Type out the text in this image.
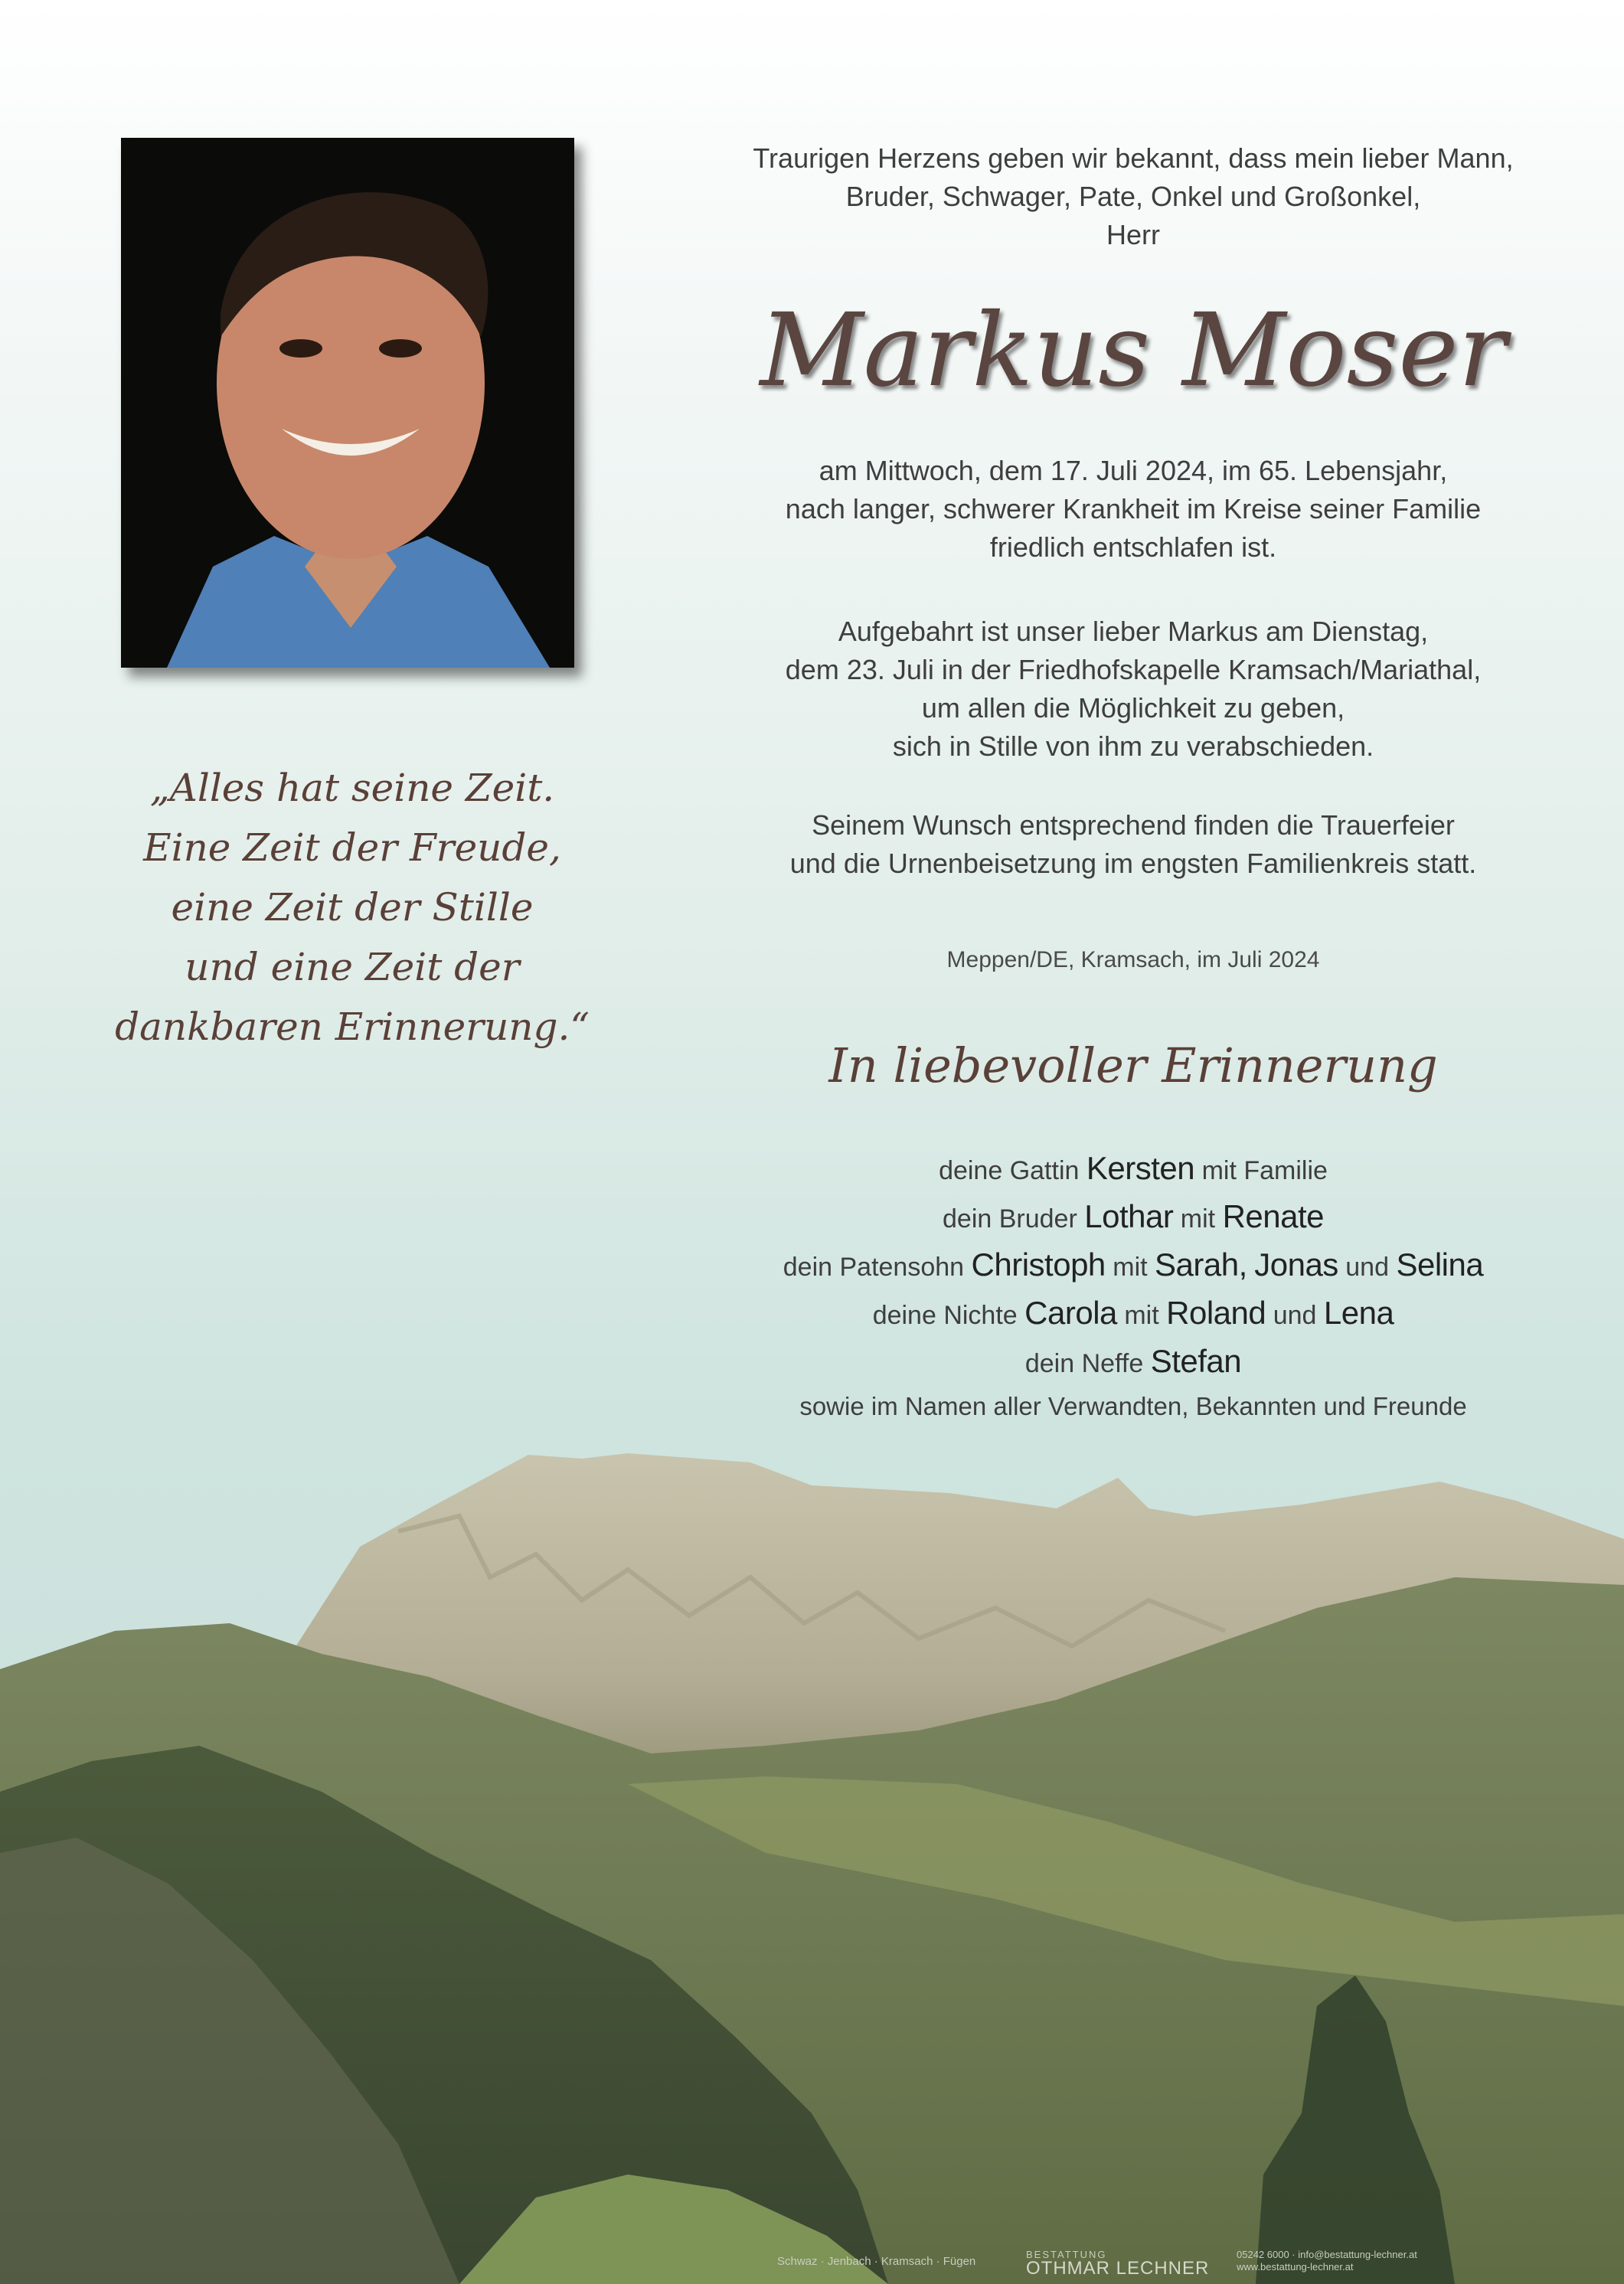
„Alles hat seine Zeit.
Eine Zeit der Freude,
eine Zeit der Stille
und eine Zeit der
dankbaren Erinnerung.“
Traurigen Herzens geben wir bekannt, dass mein lieber Mann,
Bruder, Schwager, Pate, Onkel und Großonkel,
Herr
Markus Moser
am Mittwoch, dem 17. Juli 2024, im 65. Lebensjahr,
nach langer, schwerer Krankheit im Kreise seiner Familie
friedlich entschlafen ist.
Aufgebahrt ist unser lieber Markus am Dienstag,
dem 23. Juli in der Friedhofskapelle Kramsach/Mariathal,
um allen die Möglichkeit zu geben,
sich in Stille von ihm zu verabschieden.
Seinem Wunsch entsprechend finden die Trauerfeier
und die Urnenbeisetzung im engsten Familienkreis statt.
Meppen/DE, Kramsach, im Juli 2024
In liebevoller Erinnerung
deine Gattin Kersten mit Familie
dein Bruder Lothar mit Renate
dein Patensohn Christoph mit Sarah, Jonas und Selina
deine Nichte Carola mit Roland und Lena
dein Neffe Stefan
sowie im Namen aller Verwandten, Bekannten und Freunde
Schwaz · Jenbach · Kramsach · Fügen
BESTATTUNG
OTHMAR LECHNER
05242 6000 · info@bestattung-lechner.at
www.bestattung-lechner.at
